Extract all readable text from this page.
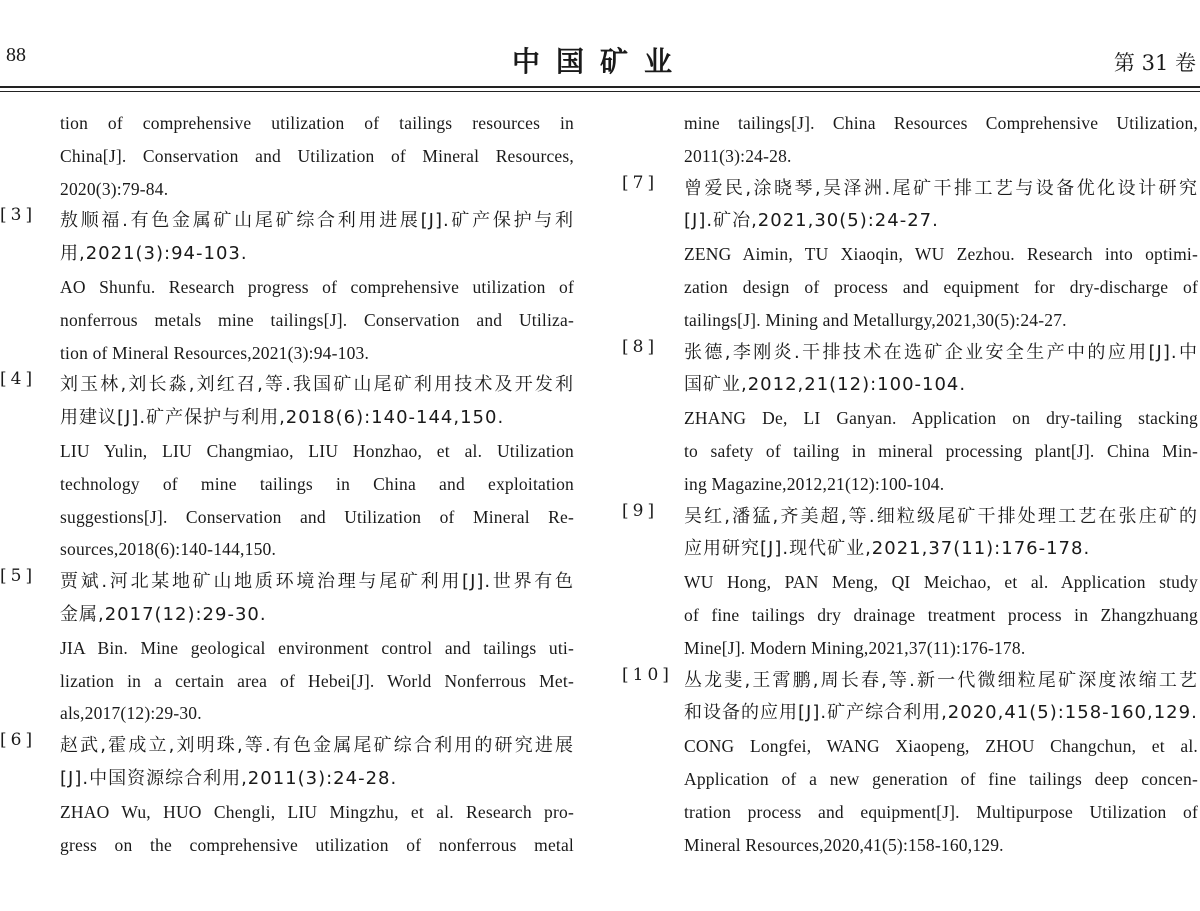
88	中国矿业	第 31 卷
tion of comprehensive utilization of tailings resources in
China[J]. Conservation and Utilization of Mineral Resources,
2020(3):79-84.
[3]	敖顺福.有色金属矿山尾矿综合利用进展[J].矿产保护与利
用,2021(3):94-103.
AO Shunfu. Research progress of comprehensive utilization of
nonferrous metals mine tailings[J]. Conservation and Utiliza-
tion of Mineral Resources,2021(3):94-103.
[4]	刘玉林,刘长淼,刘红召,等.我国矿山尾矿利用技术及开发利
用建议[J].矿产保护与利用,2018(6):140-144,150.
LIU Yulin, LIU Changmiao, LIU Honzhao, et al. Utilization
technology of mine tailings in China and exploitation
suggestions[J]. Conservation and Utilization of Mineral Re-
sources,2018(6):140-144,150.
[5]	贾斌.河北某地矿山地质环境治理与尾矿利用[J].世界有色
金属,2017(12):29-30.
JIA Bin. Mine geological environment control and tailings uti-
lization in a certain area of Hebei[J]. World Nonferrous Met-
als,2017(12):29-30.
[6]	赵武,霍成立,刘明珠,等.有色金属尾矿综合利用的研究进展
[J].中国资源综合利用,2011(3):24-28.
ZHAO Wu, HUO Chengli, LIU Mingzhu, et al. Research pro-
gress on the comprehensive utilization of nonferrous metal
mine tailings[J]. China Resources Comprehensive Utilization,
2011(3):24-28.
[7]	曾爱民,涂晓琴,吴泽洲.尾矿干排工艺与设备优化设计研究
[J].矿冶,2021,30(5):24-27.
ZENG Aimin, TU Xiaoqin, WU Zezhou. Research into optimi-
zation design of process and equipment for dry-discharge of
tailings[J]. Mining and Metallurgy,2021,30(5):24-27.
[8]	张德,李刚炎.干排技术在选矿企业安全生产中的应用[J].中
国矿业,2012,21(12):100-104.
ZHANG De, LI Ganyan. Application on dry-tailing stacking
to safety of tailing in mineral processing plant[J]. China Min-
ing Magazine,2012,21(12):100-104.
[9]	吴红,潘猛,齐美超,等.细粒级尾矿干排处理工艺在张庄矿的
应用研究[J].现代矿业,2021,37(11):176-178.
WU Hong, PAN Meng, QI Meichao, et al. Application study
of fine tailings dry drainage treatment process in Zhangzhuang
Mine[J]. Modern Mining,2021,37(11):176-178.
[10] 丛龙斐,王霄鹏,周长春,等.新一代微细粒尾矿深度浓缩工艺
和设备的应用[J].矿产综合利用,2020,41(5):158-160,129.
CONG Longfei, WANG Xiaopeng, ZHOU Changchun, et al.
Application of a new generation of fine tailings deep concen-
tration process and equipment[J]. Multipurpose Utilization of
Mineral Resources,2020,41(5):158-160,129.
